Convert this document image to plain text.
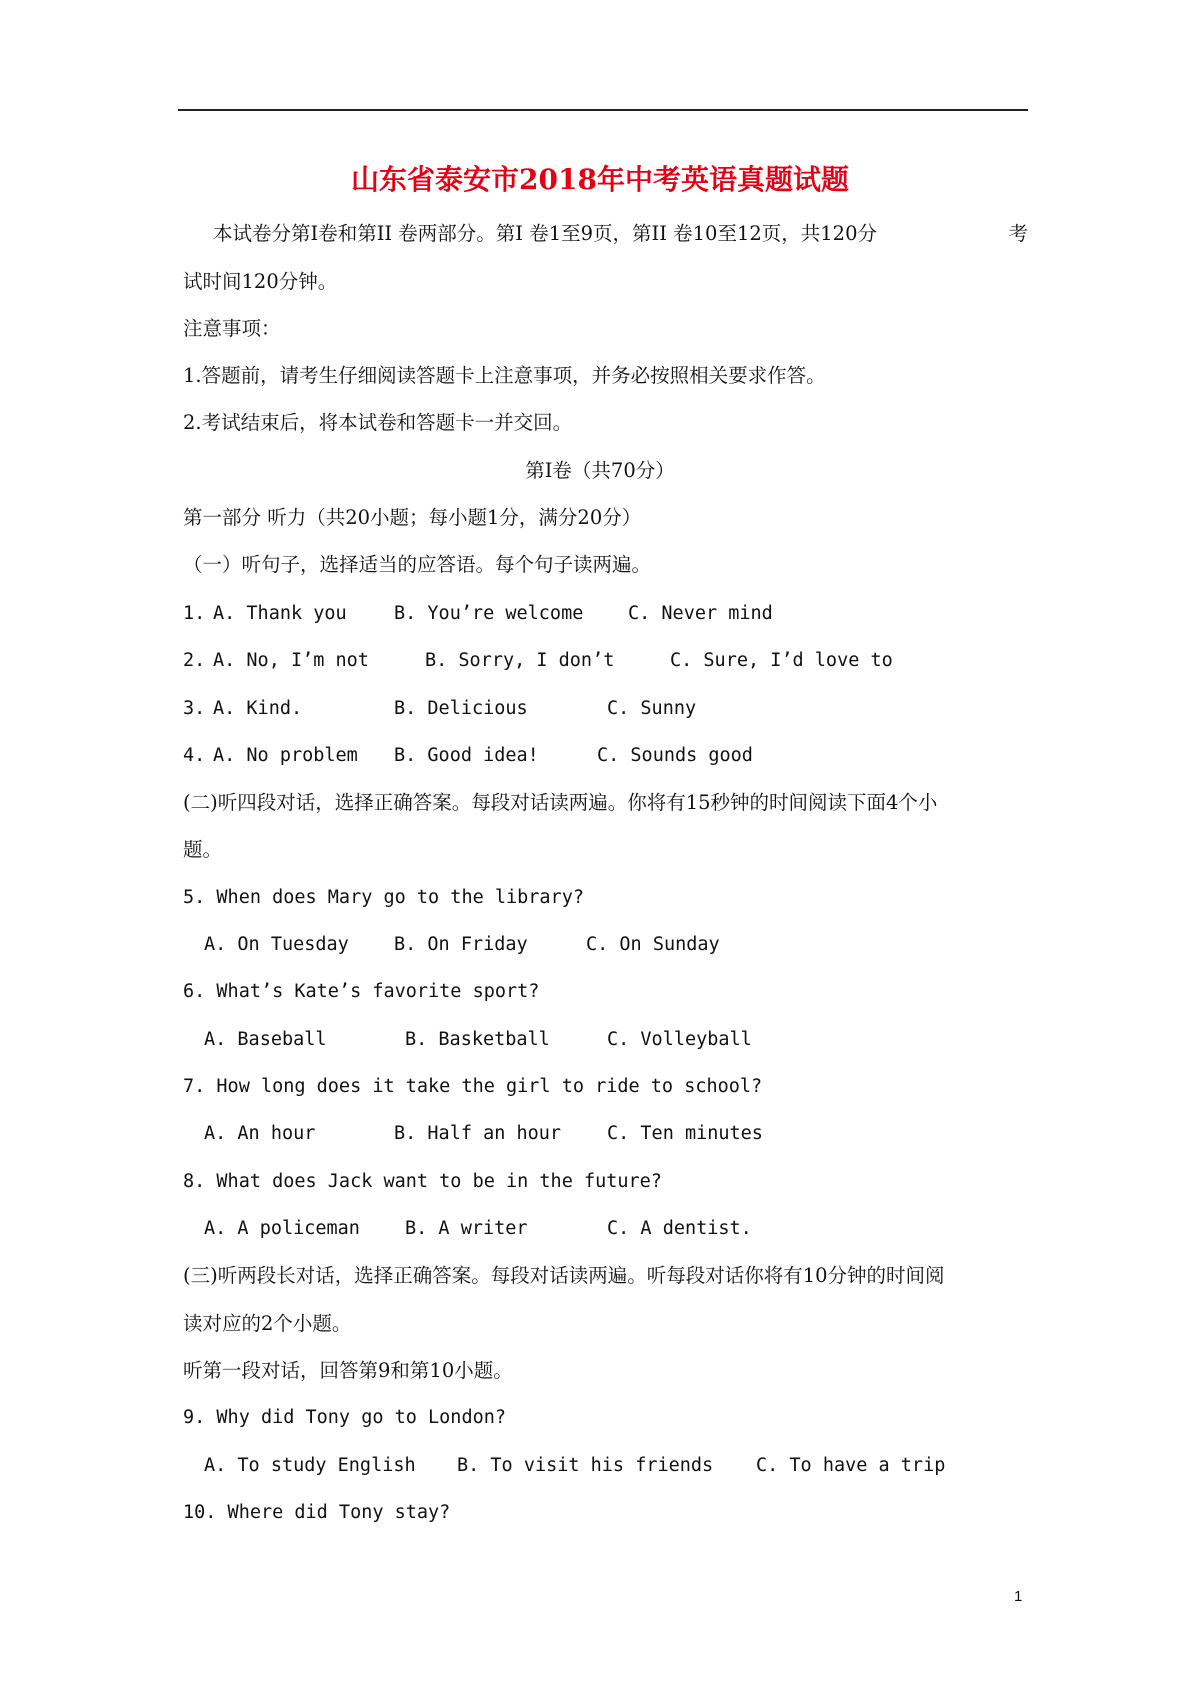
山东省泰安市2018年中考英语真题试题
本试卷分第Ⅰ卷和第II 卷两部分。第Ⅰ 卷1至9页，第II 卷10至12页，共120分	考
试时间120分钟。
注意事项：
1.答题前，请考生仔细阅读答题卡上注意事项，并务必按照相关要求作答。
2.考试结束后，将本试卷和答题卡一并交回。
第Ⅰ卷（共70分）
第一部分 听力（共20小题；每小题1分，满分20分）
（一）听句子，选择适当的应答语。每个句子读两遍。
1. A. Thank you	B. You’re welcome C. Never mind
2. A. No, I’m not	B. Sorry, I don’t	C. Sure, I’d love to
3. A. Kind.	B. Delicious	C. Sunny
4. A. No problem B. Good idea!	C. Sounds good
(二)听四段对话，选择正确答案。每段对话读两遍。你将有15秒钟的时间阅读下面4个小
题。
5. When does Mary go to the library?
A. On Tuesday B. On Friday	C. On Sunday
6. What’s Kate’s favorite sport?
A. Baseball	B. Basketball	C. Volleyball
7. How long does it take the girl to ride to school?
A. An hour	B. Half an hour C. Ten minutes
8. What does Jack want to be in the future?
A. A policeman B. A writer	C. A dentist.
(三)听两段长对话，选择正确答案。每段对话读两遍。听每段对话你将有10分钟的时间阅
读对应的2个小题。
听第一段对话，回答第9和第10小题。
9. Why did Tony go to London?
A. To study English B. To visit his friends C. To have a trip
10. Where did Tony stay?
1
